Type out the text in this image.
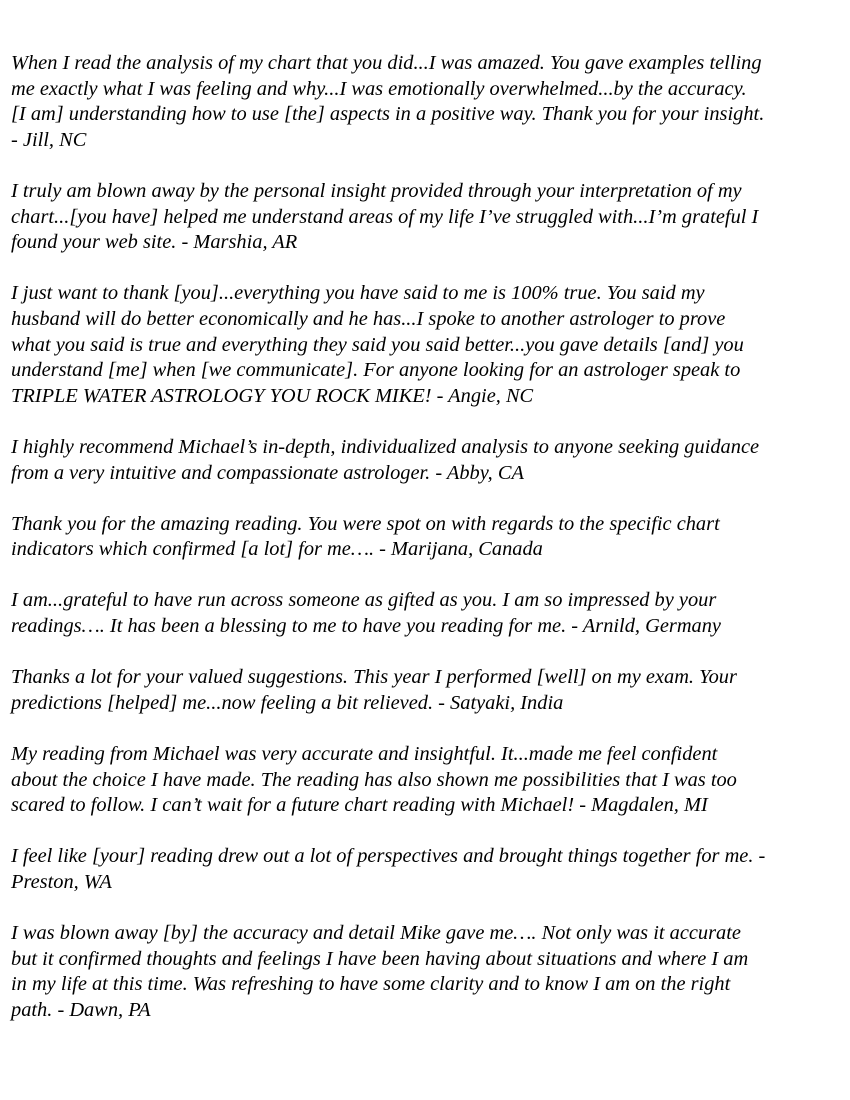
When I read the analysis of my chart that you did...I was amazed. You gave examples telling
me exactly what I was feeling and why...I was emotionally overwhelmed...by the accuracy.
[I am] understanding how to use [the] aspects in a positive way. Thank you for your insight.
- Jill, NC

I truly am blown away by the personal insight provided through your interpretation of my
chart...[you have] helped me understand areas of my life I’ve struggled with...I’m grateful I
found your web site. - Marshia, AR

I just want to thank [you]...everything you have said to me is 100% true. You said my
husband will do better economically and he has...I spoke to another astrologer to prove
what you said is true and everything they said you said better...you gave details [and] you
understand [me] when [we communicate]. For anyone looking for an astrologer speak to
TRIPLE WATER ASTROLOGY YOU ROCK MIKE! - Angie, NC

I highly recommend Michael’s in-depth, individualized analysis to anyone seeking guidance
from a very intuitive and compassionate astrologer. - Abby, CA

Thank you for the amazing reading. You were spot on with regards to the specific chart
indicators which confirmed [a lot] for me…. - Marijana, Canada

I am...grateful to have run across someone as gifted as you. I am so impressed by your
readings…. It has been a blessing to me to have you reading for me. - Arnild, Germany

Thanks a lot for your valued suggestions. This year I performed [well] on my exam. Your
predictions [helped] me...now feeling a bit relieved. - Satyaki, India

My reading from Michael was very accurate and insightful. It...made me feel confident
about the choice I have made. The reading has also shown me possibilities that I was too
scared to follow. I can’t wait for a future chart reading with Michael! - Magdalen, MI

I feel like [your] reading drew out a lot of perspectives and brought things together for me. -
Preston, WA

I was blown away [by] the accuracy and detail Mike gave me…. Not only was it accurate
but it confirmed thoughts and feelings I have been having about situations and where I am
in my life at this time. Was refreshing to have some clarity and to know I am on the right
path. - Dawn, PA
